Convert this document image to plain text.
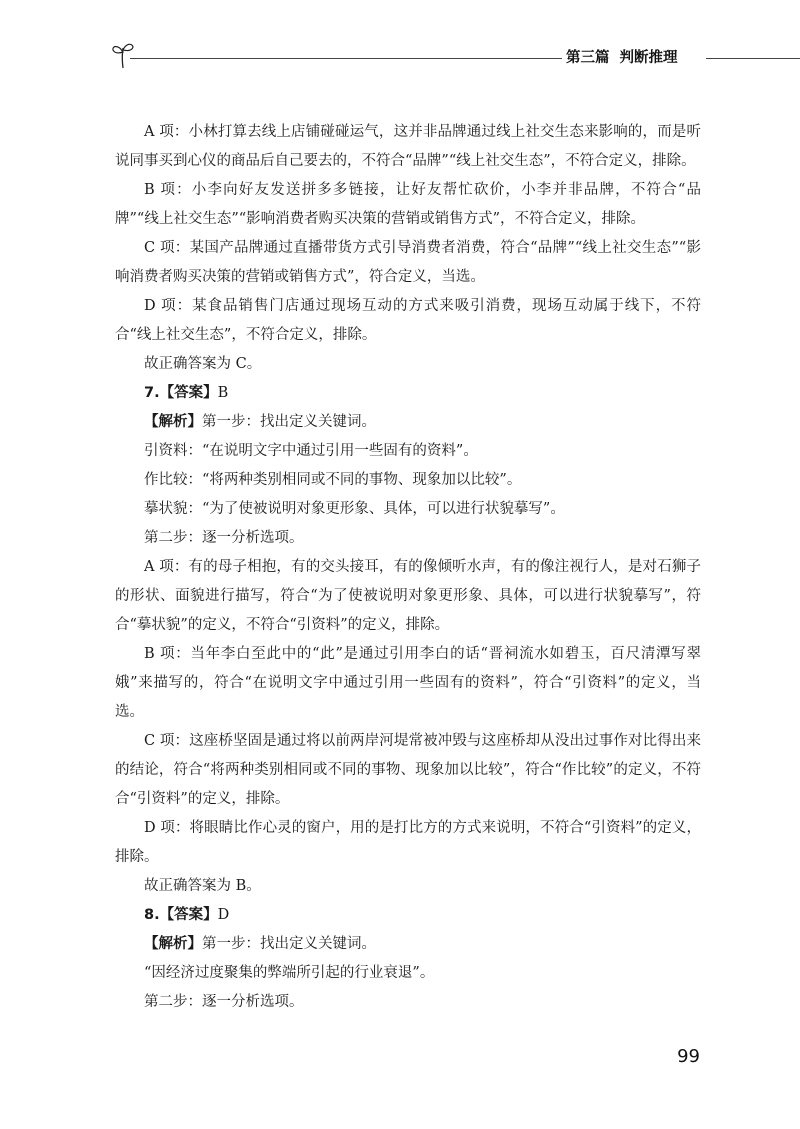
第三篇 判断推理
A 项：小林打算去线上店铺碰碰运气，这并非品牌通过线上社交生态来影响的，而是听说同事买到心仪的商品后自己要去的，不符合“品牌”“线上社交生态”，不符合定义，排除。
B 项：小李向好友发送拼多多链接，让好友帮忙砍价，小李并非品牌，不符合“品牌”“线上社交生态”“影响消费者购买决策的营销或销售方式”，不符合定义，排除。
C 项：某国产品牌通过直播带货方式引导消费者消费，符合“品牌”“线上社交生态”“影响消费者购买决策的营销或销售方式”，符合定义，当选。
D 项：某食品销售门店通过现场互动的方式来吸引消费，现场互动属于线下，不符合“线上社交生态”，不符合定义，排除。
故正确答案为 C。
7.【答案】B
【解析】第一步：找出定义关键词。
引资料：“在说明文字中通过引用一些固有的资料”。
作比较：“将两种类别相同或不同的事物、现象加以比较”。
摹状貌：“为了使被说明对象更形象、具体，可以进行状貌摹写”。
第二步：逐一分析选项。
A 项：有的母子相抱，有的交头接耳，有的像倾听水声，有的像注视行人，是对石狮子的形状、面貌进行描写，符合“为了使被说明对象更形象、具体，可以进行状貌摹写”，符合“摹状貌”的定义，不符合“引资料”的定义，排除。
B 项：当年李白至此中的“此”是通过引用李白的话“晋祠流水如碧玉，百尺清潭写翠娥”来描写的，符合“在说明文字中通过引用一些固有的资料”，符合“引资料”的定义，当选。
C 项：这座桥坚固是通过将以前两岸河堤常被冲毁与这座桥却从没出过事作对比得出来的结论，符合“将两种类别相同或不同的事物、现象加以比较”，符合“作比较”的定义，不符合“引资料”的定义，排除。
D 项：将眼睛比作心灵的窗户，用的是打比方的方式来说明，不符合“引资料”的定义，排除。
故正确答案为 B。
8.【答案】D
【解析】第一步：找出定义关键词。
“因经济过度聚集的弊端所引起的行业衰退”。
第二步：逐一分析选项。
99
